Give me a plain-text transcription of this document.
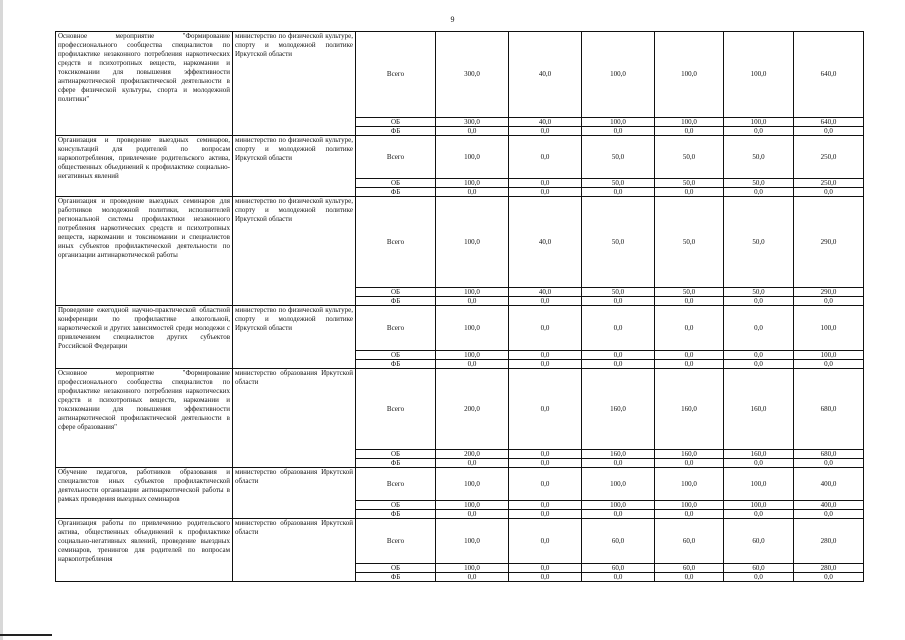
9
Основное мероприятие "Формирование профессионального сообщества специалистов по профилактике незаконного потребления наркотических средств и психотропных веществ, наркомании и токсикомании для повышения эффективности антинаркотической профилактической деятельности в сфере физической культуры, спорта и молодежной политики"	министерство по физической культуре, спорту и молодежной политике Иркутской области	Всего	300,0	40,0	100,0	100,0	100,0	640,0
		ОБ	300,0	40,0	100,0	100,0	100,0	640,0
		ФБ	0,0	0,0	0,0	0,0	0,0	0,0
Организация и проведение выездных семинаров, консультаций для родителей по вопросам наркопотребления, привлечение родительского актива, общественных объединений к профилактике социально-негативных явлений	министерство по физической культуре, спорту и молодежной политике Иркутской области	Всего	100,0	0,0	50,0	50,0	50,0	250,0
		ОБ	100,0	0,0	50,0	50,0	50,0	250,0
		ФБ	0,0	0,0	0,0	0,0	0,0	0,0
Организация и проведение выездных семинаров для работников молодежной политики, исполнителей региональной системы профилактики незаконного потребления наркотических средств и психотропных веществ, наркомании и токсикомании и специалистов иных субъектов профилактической деятельности по организации антинаркотической работы	министерство по физической культуре, спорту и молодежной политике Иркутской области	Всего	100,0	40,0	50,0	50,0	50,0	290,0
		ОБ	100,0	40,0	50,0	50,0	50,0	290,0
		ФБ	0,0	0,0	0,0	0,0	0,0	0,0
Проведение ежегодной научно-практической областной конференции по профилактике алкогольной, наркотической и других зависимостей среди молодежи с привлечением специалистов других субъектов Российской Федерации	министерство по физической культуре, спорту и молодежной политике Иркутской области	Всего	100,0	0,0	0,0	0,0	0,0	100,0
		ОБ	100,0	0,0	0,0	0,0	0,0	100,0
		ФБ	0,0	0,0	0,0	0,0	0,0	0,0
Основное мероприятие "Формирование профессионального сообщества специалистов по профилактике незаконного потребления наркотических средств и психотропных веществ, наркомании и токсикомании для повышения эффективности антинаркотической профилактической деятельности в сфере образования"	министерство образования Иркутской области	Всего	200,0	0,0	160,0	160,0	160,0	680,0
		ОБ	200,0	0,0	160,0	160,0	160,0	680,0
		ФБ	0,0	0,0	0,0	0,0	0,0	0,0
Обучение педагогов, работников образования и специалистов иных субъектов профилактической деятельности организации антинаркотической работы в рамках проведения выездных семинаров	министерство образования Иркутской области	Всего	100,0	0,0	100,0	100,0	100,0	400,0
		ОБ	100,0	0,0	100,0	100,0	100,0	400,0
		ФБ	0,0	0,0	0,0	0,0	0,0	0,0
Организация работы по привлечению родительского актива, общественных объединений к профилактике социально-негативных явлений, проведение выездных семинаров, тренингов для родителей по вопросам наркопотребления	министерство образования Иркутской области	Всего	100,0	0,0	60,0	60,0	60,0	280,0
		ОБ	100,0	0,0	60,0	60,0	60,0	280,0
		ФБ	0,0	0,0	0,0	0,0	0,0	0,0
